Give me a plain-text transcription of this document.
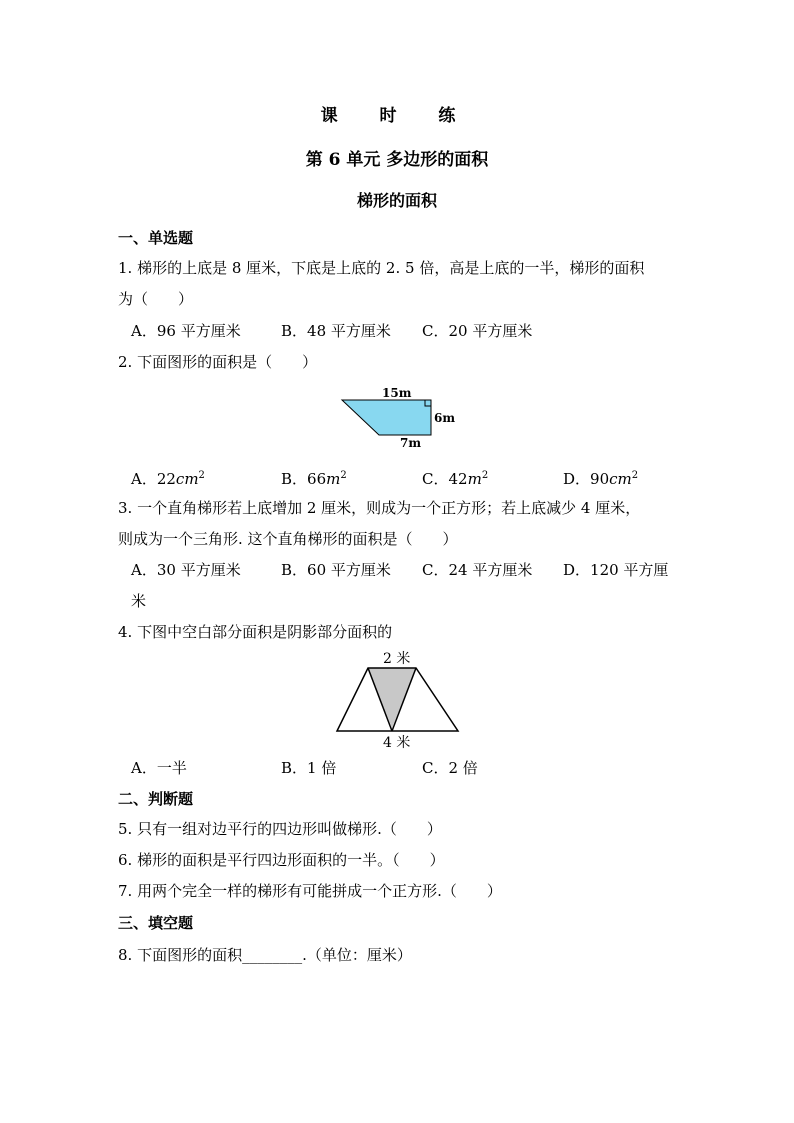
课 时 练
第 6 单元 多边形的面积
梯形的面积
一、单选题
1. 梯形的上底是 8 厘米，下底是上底的 2. 5 倍，高是上底的一半，梯形的面积
为（　　）
A．96 平方厘米	B．48 平方厘米 C．20 平方厘米
2. 下面图形的面积是（　　）
15m
6m
7m
A．$22cm^2$	B．$66m^2$	C．$42m^2$	D．$90cm^2$
3. 一个直角梯形若上底增加 2 厘米，则成为一个正方形；若上底减少 4 厘米，
则成为一个三角形. 这个直角梯形的面积是（　　）
A．30 平方厘米	B．60 平方厘米 C．24 平方厘米 D．120 平方厘
米
4. 下图中空白部分面积是阴影部分面积的
2 米
4 米
A．一半	B．1 倍	C．2 倍
二、判断题
5. 只有一组对边平行的四边形叫做梯形.（　　）
6. 梯形的面积是平行四边形面积的一半。（　　）
7. 用两个完全一样的梯形有可能拼成一个正方形.（　　）
三、填空题
8. 下面图形的面积________.（单位：厘米）
